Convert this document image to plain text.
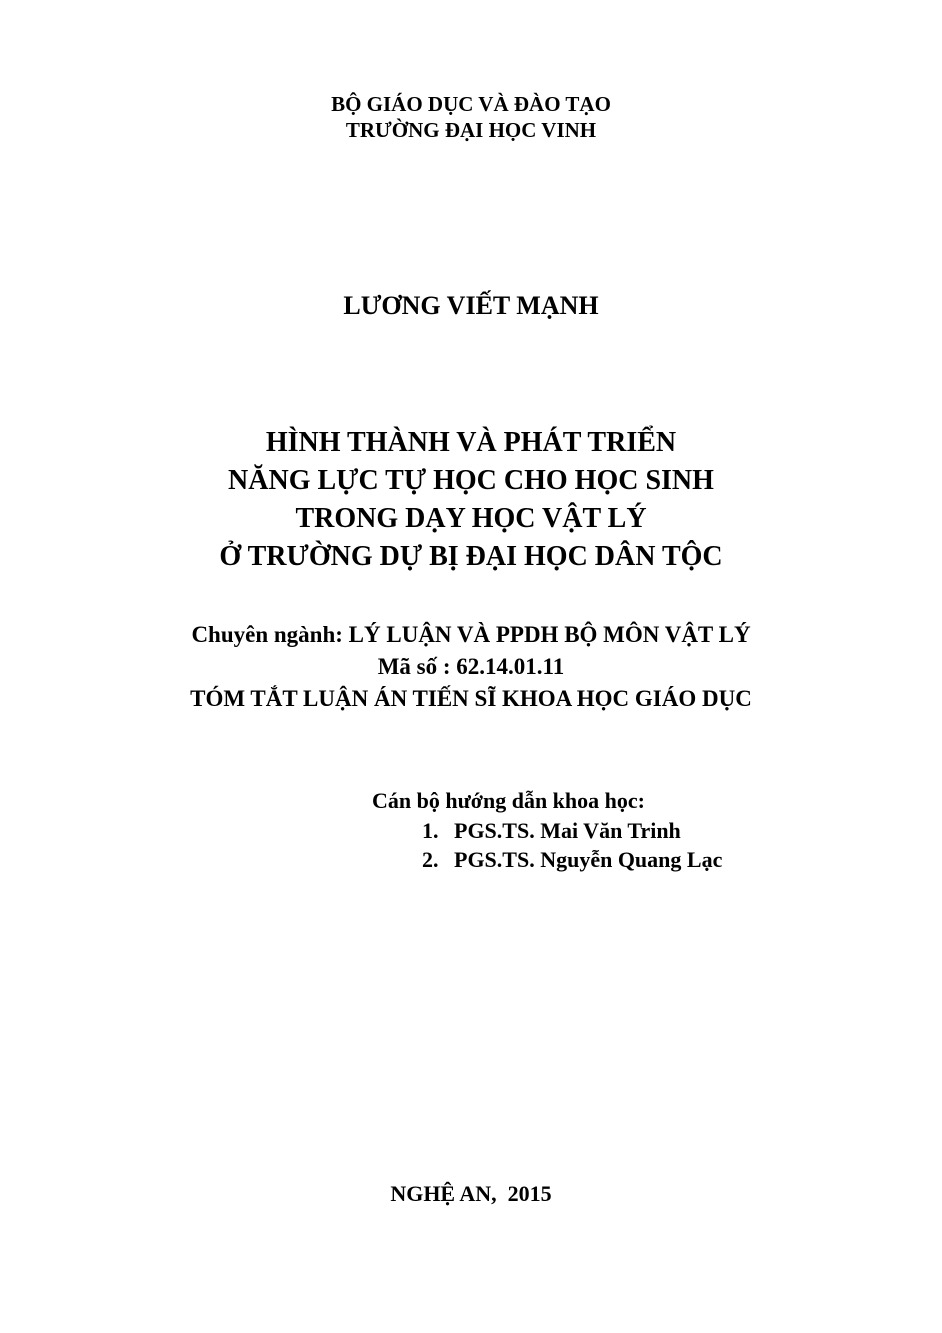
BỘ GIÁO DỤC VÀ ĐÀO TẠO
TRƯỜNG ĐẠI HỌC VINH
LƯƠNG VIẾT MẠNH
HÌNH THÀNH VÀ PHÁT TRIỂN
NĂNG LỰC TỰ HỌC CHO HỌC SINH
TRONG DẠY HỌC VẬT LÝ
Ở TRƯỜNG DỰ BỊ ĐẠI HỌC DÂN TỘC
Chuyên ngành: LÝ LUẬN VÀ PPDH BỘ MÔN VẬT LÝ
Mã số : 62.14.01.11
TÓM TẮT LUẬN ÁN TIẾN SĨ KHOA HỌC GIÁO DỤC
Cán bộ hướng dẫn khoa học:
1. PGS.TS. Mai Văn Trinh
2. PGS.TS. Nguyễn Quang Lạc
NGHỆ AN,  2015
